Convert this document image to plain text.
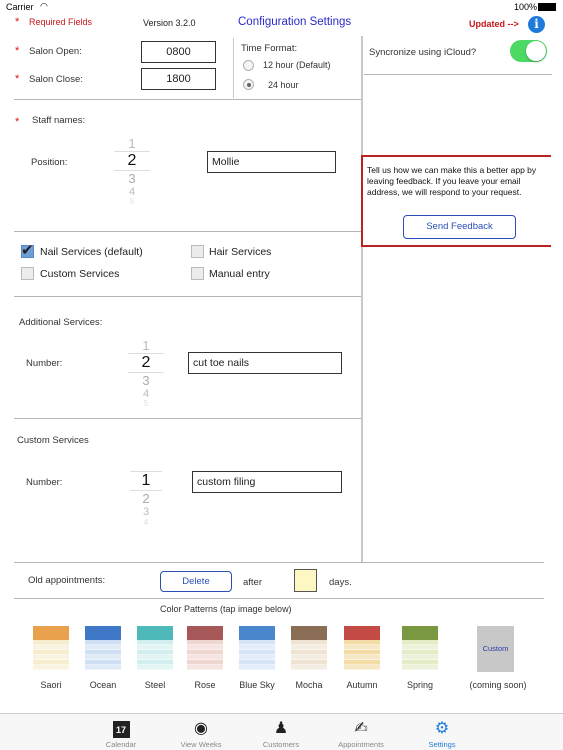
Carrier ◠	100%
* Required Fields	Version 3.2.0	Configuration Settings	Updated -->	i
* Salon Open:	0800
* Salon Close:	1800
Time Format:
12 hour (Default)
24 hour
Syncronize using iCloud?
* Staff names:
Position:
1
2
3
4
5
Mollie
Tell us how we can make this a better app by leaving feedback. If you leave your email address, we will respond to your request.
Send Feedback
✔ Nail Services (default)	Hair Services
Custom Services	Manual entry
Additional Services:
Number:
1
2
3
4
5
cut toe nails
Custom Services
Number:	1
2
3
4
custom filing
Old appointments:	Delete	after	days.
Color Patterns (tap image below)
Saori	Ocean	Steel	Rose	Blue Sky	Mocha	Autumn	Spring
Custom
(coming soon)
17
Calendar
◉
View Weeks
♟
Customers
✍
Appointments
⚙
Settings
